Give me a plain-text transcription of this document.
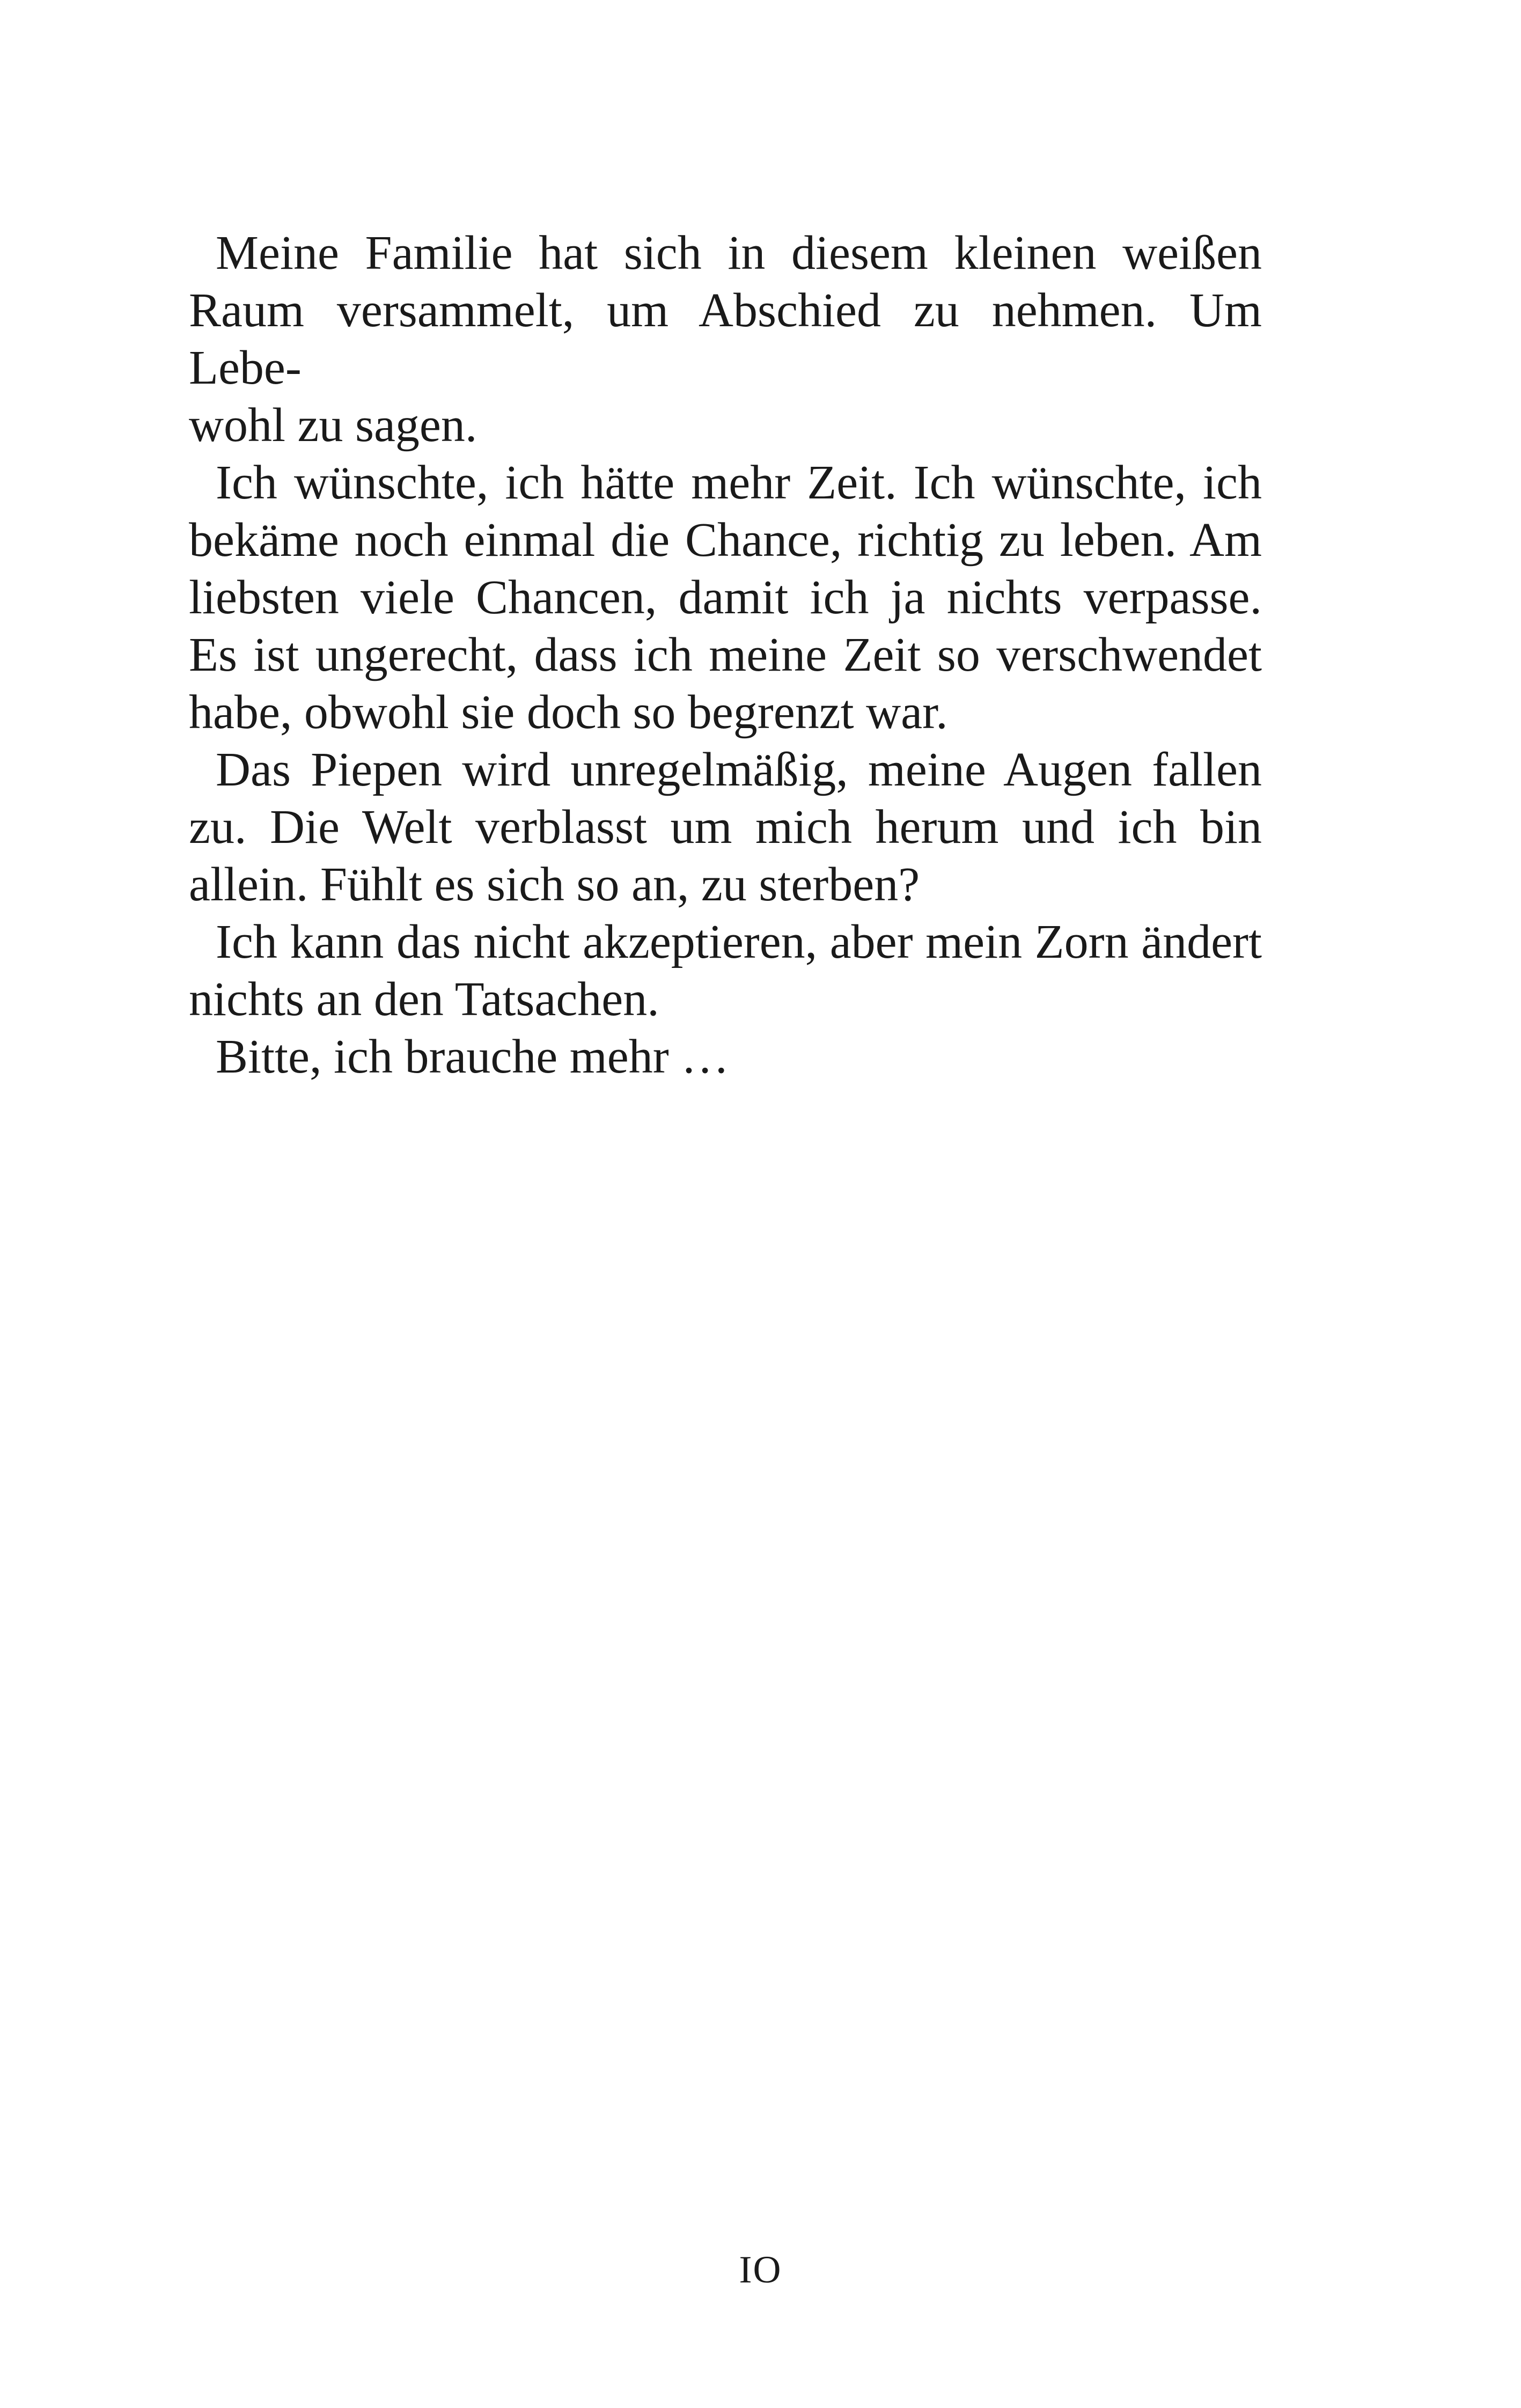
Meine Familie hat sich in diesem kleinen weißen
Raum versammelt, um Abschied zu nehmen. Um Lebe-
wohl zu sagen.

Ich wünschte, ich hätte mehr Zeit. Ich wünschte, ich
bekäme noch einmal die Chance, richtig zu leben. Am
liebsten viele Chancen, damit ich ja nichts verpasse.
Es ist ungerecht, dass ich meine Zeit so verschwendet
habe, obwohl sie doch so begrenzt war.

Das Piepen wird unregelmäßig, meine Augen fallen
zu. Die Welt verblasst um mich herum und ich bin
allein. Fühlt es sich so an, zu sterben?

Ich kann das nicht akzeptieren, aber mein Zorn ändert
nichts an den Tatsachen.

Bitte, ich brauche mehr …

IO
